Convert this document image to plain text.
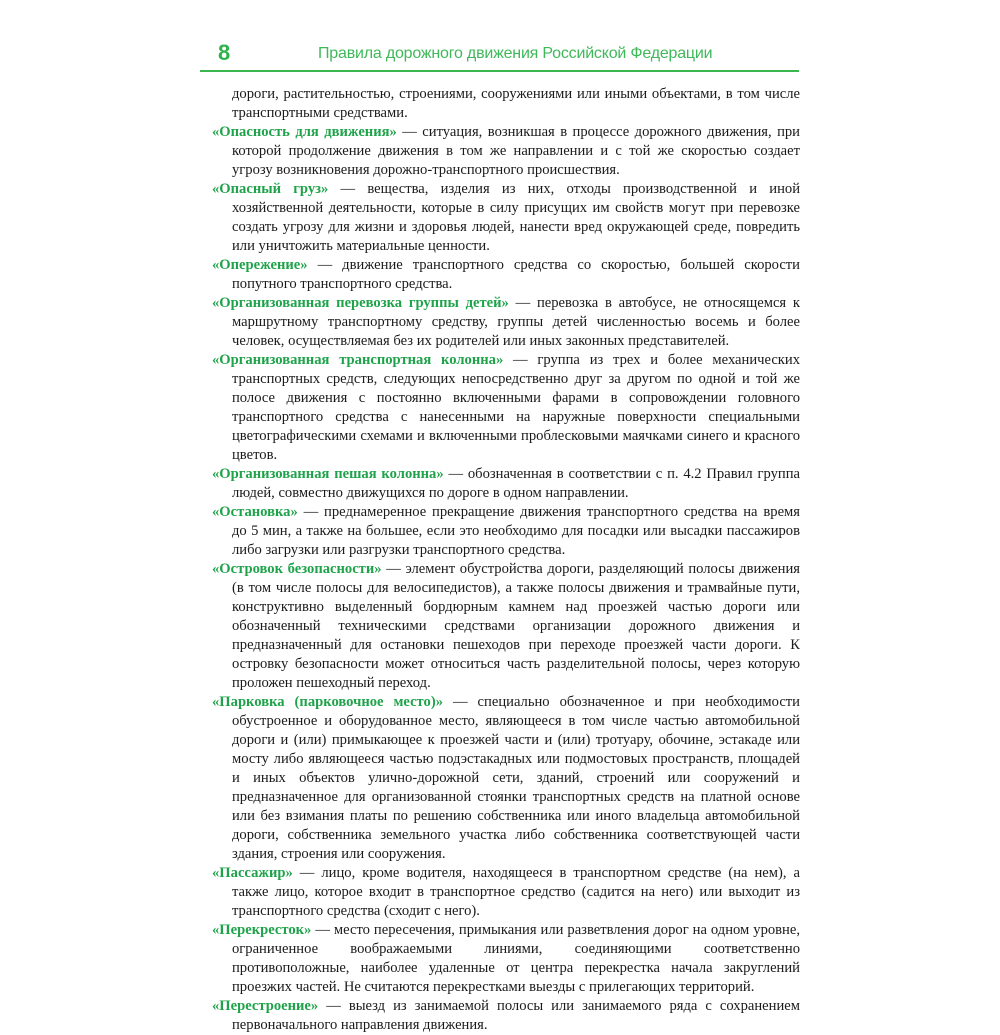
8	Правила дорожного движения Российской Федерации

дороги, растительностью, строениями, сооружениями или иными объектами, в том числе транспортными средствами.

«Опасность для движения» — ситуация, возникшая в процессе дорожного движения, при которой продолжение движения в том же направлении и с той же скоростью создает угрозу возникновения дорожно-транспортного происшествия.

«Опасный груз» — вещества, изделия из них, отходы производственной и иной хозяйственной деятельности, которые в силу присущих им свойств могут при перевозке создать угрозу для жизни и здоровья людей, нанести вред окружающей среде, повредить или уничтожить материальные ценности.

«Опережение» — движение транспортного средства со скоростью, большей скорости попутного транспортного средства.

«Организованная перевозка группы детей» — перевозка в автобусе, не относящемся к маршрутному транспортному средству, группы детей численностью восемь и более человек, осуществляемая без их родителей или иных законных представителей.

«Организованная транспортная колонна» — группа из трех и более механических транспортных средств, следующих непосредственно друг за другом по одной и той же полосе движения с постоянно включенными фарами в сопровождении головного транспортного средства с нанесенными на наружные поверхности специальными цветографическими схемами и включенными проблесковыми маячками синего и красного цветов.

«Организованная пешая колонна» — обозначенная в соответствии с п. 4.2 Правил группа людей, совместно движущихся по дороге в одном направлении.

«Остановка» — преднамеренное прекращение движения транспортного средства на время до 5 мин, а также на большее, если это необходимо для посадки или высадки пассажиров либо загрузки или разгрузки транспортного средства.

«Островок безопасности» — элемент обустройства дороги, разделяющий полосы движения (в том числе полосы для велосипедистов), а также полосы движения и трамвайные пути, конструктивно выделенный бордюрным камнем над проезжей частью дороги или обозначенный техническими средствами организации дорожного движения и предназначенный для остановки пешеходов при переходе проезжей части дороги. К островку безопасности может относиться часть разделительной полосы, через которую проложен пешеходный переход.

«Парковка (парковочное место)» — специально обозначенное и при необходимости обустроенное и оборудованное место, являющееся в том числе частью автомобильной дороги и (или) примыкающее к проезжей части и (или) тротуару, обочине, эстакаде или мосту либо являющееся частью подэстакадных или подмостовых пространств, площадей и иных объектов улично-дорожной сети, зданий, строений или сооружений и предназначенное для организованной стоянки транспортных средств на платной основе или без взимания платы по решению собственника или иного владельца автомобильной дороги, собственника земельного участка либо собственника соответствующей части здания, строения или сооружения.

«Пассажир» — лицо, кроме водителя, находящееся в транспортном средстве (на нем), а также лицо, которое входит в транспортное средство (садится на него) или выходит из транспортного средства (сходит с него).

«Перекресток» — место пересечения, примыкания или разветвления дорог на одном уровне, ограниченное воображаемыми линиями, соединяющими соответственно противоположные, наиболее удаленные от центра перекрестка начала закруглений проезжих частей. Не считаются перекрестками выезды с прилегающих территорий.

«Перестроение» — выезд из занимаемой полосы или занимаемого ряда с сохранением первоначального направления движения.
